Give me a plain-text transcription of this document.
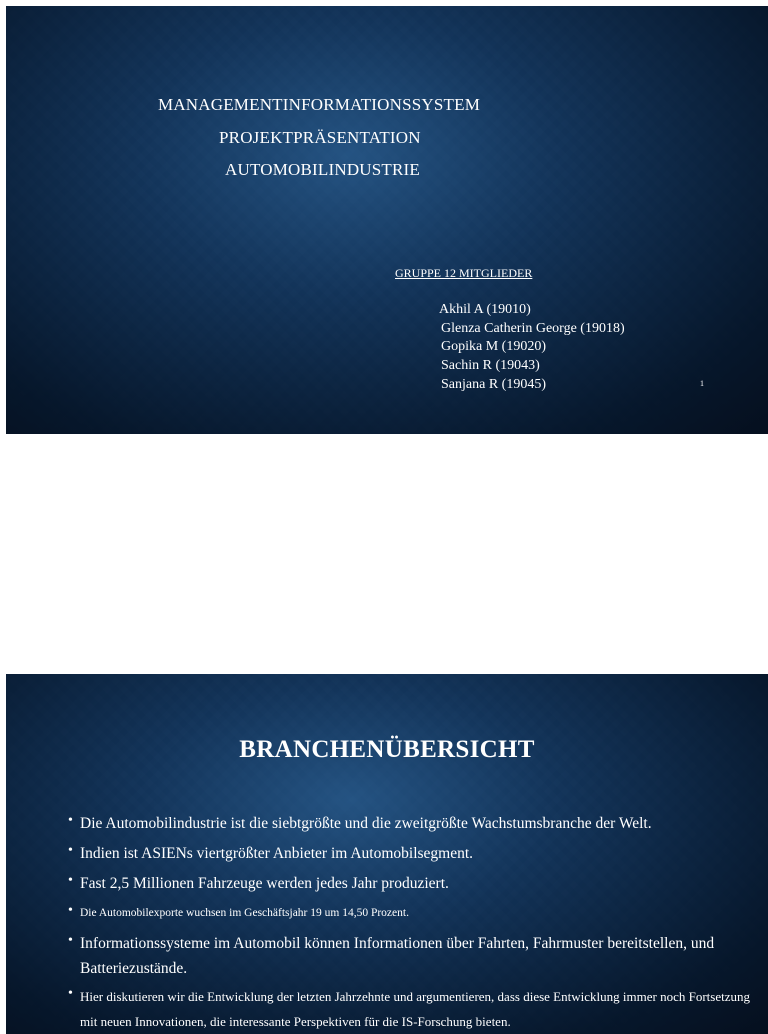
MANAGEMENTINFORMATIONSSYSTEM
PROJEKTPRÄSENTATION
AUTOMOBILINDUSTRIE
GRUPPE 12 MITGLIEDER
Akhil A (19010)
Glenza Catherin George (19018)
Gopika M (19020)
Sachin R (19043)
Sanjana R (19045)	1
BRANCHENÜBERSICHT
• Die Automobilindustrie ist die siebtgrößte und die zweitgrößte Wachstumsbranche der Welt.
• Indien ist ASIENs viertgrößter Anbieter im Automobilsegment.
• Fast 2,5 Millionen Fahrzeuge werden jedes Jahr produziert.
• Die Automobilexporte wuchsen im Geschäftsjahr 19 um 14,50 Prozent.
• Informationssysteme im Automobil können Informationen über Fahrten, Fahrmuster bereitstellen, und Batteriezustände.
• Hier diskutieren wir die Entwicklung der letzten Jahrzehnte und argumentieren, dass diese Entwicklung immer noch Fortsetzung mit neuen Innovationen, die interessante Perspektiven für die IS-Forschung bieten.
